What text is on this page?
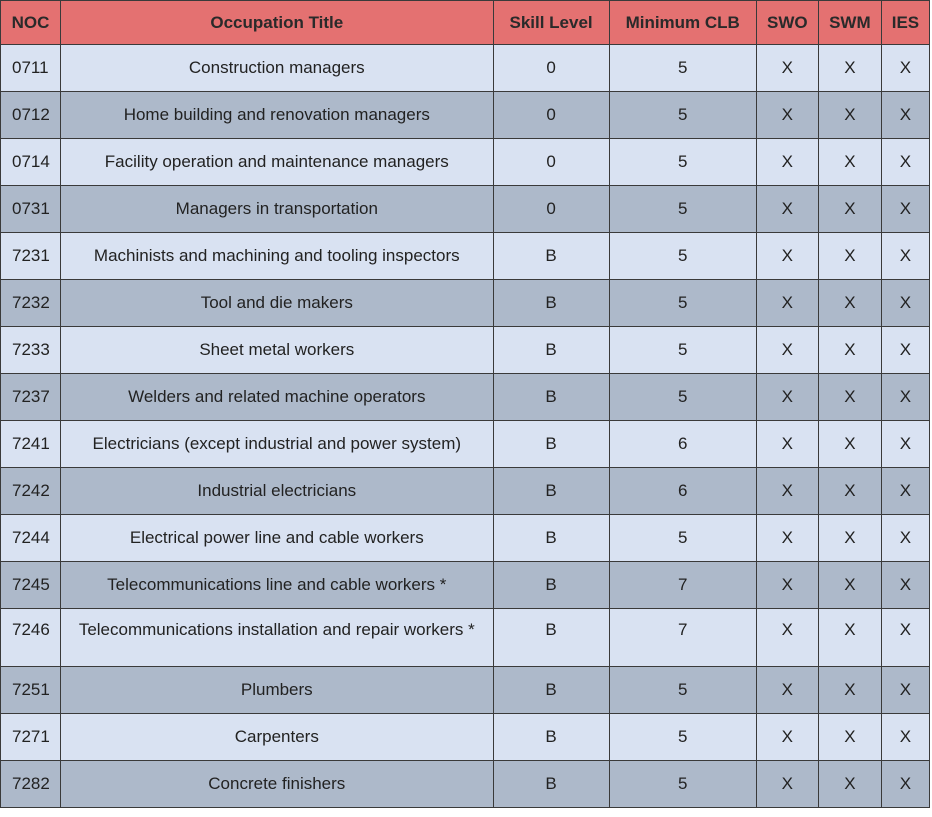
NOC	Occupation Title	Skill Level	Minimum CLB	SWO	SWM	IES
0711	Construction managers	0	5	X	X	X
0712	Home building and renovation managers	0	5	X	X	X
0714	Facility operation and maintenance managers	0	5	X	X	X
0731	Managers in transportation	0	5	X	X	X
7231	Machinists and machining and tooling inspectors	B	5	X	X	X
7232	Tool and die makers	B	5	X	X	X
7233	Sheet metal workers	B	5	X	X	X
7237	Welders and related machine operators	B	5	X	X	X
7241	Electricians (except industrial and power system)	B	6	X	X	X
7242	Industrial electricians	B	6	X	X	X
7244	Electrical power line and cable workers	B	5	X	X	X
7245	Telecommunications line and cable workers *	B	7	X	X	X
7246	Telecommunications installation and repair workers *	B	7	X	X	X
7251	Plumbers	B	5	X	X	X
7271	Carpenters	B	5	X	X	X
7282	Concrete finishers	B	5	X	X	X
